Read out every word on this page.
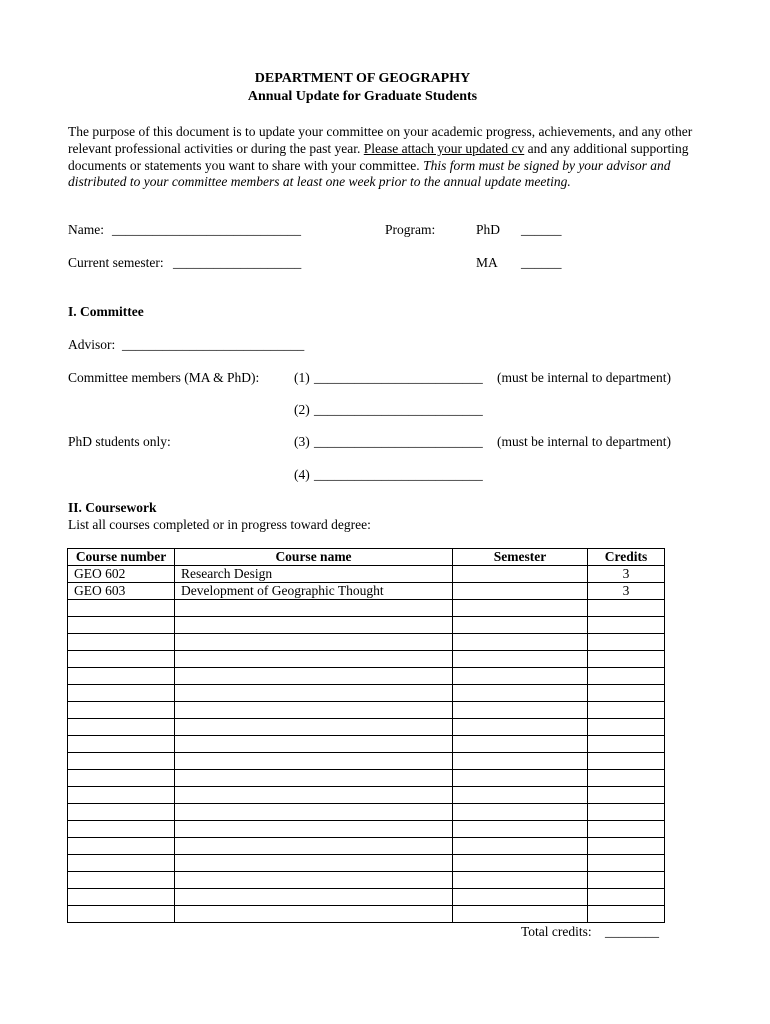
DEPARTMENT OF GEOGRAPHY
Annual Update for Graduate Students
The purpose of this document is to update your committee on your academic progress, achievements, and any other relevant professional activities or during the past year. Please attach your updated cv and any additional supporting documents or statements you want to share with your committee. This form must be signed by your advisor and distributed to your committee members at least one week prior to the annual update meeting.
Name: ____________________________	Program:	PhD ______
Current semester: ___________________	MA ______
I. Committee
Advisor: ___________________________
Committee members (MA & PhD):	(1) _________________________ (must be internal to department)
(2) _________________________
PhD students only:	(3) _________________________ (must be internal to department)
(4) _________________________
II. Coursework
List all courses completed or in progress toward degree:
Course number	Course name	Semester	Credits
GEO 602	Research Design		3
GEO 603	Development of Geographic Thought		3

Total credits: ________
